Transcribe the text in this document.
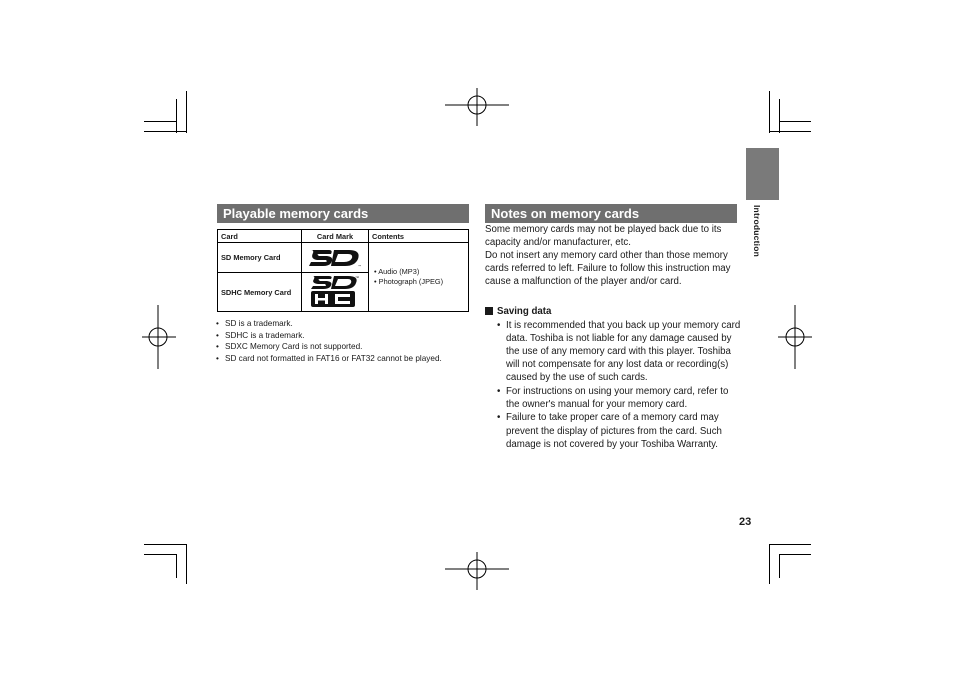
Introduction
Playable memory cards
Card	Card Mark	Contents
SD Memory Card	™	• Audio (MP3)
• Photograph (JPEG)

SDHC Memory Card	™	
• SD is a trademark.
• SDHC is a trademark.
• SDXC Memory Card is not supported.
• SD card not formatted in FAT16 or FAT32 cannot be played.
Notes on memory cards

Some memory cards may not be played back due to its capacity and/or manufacturer, etc.
Do not insert any memory card other than those memory cards referred to left. Failure to follow this instruction may cause a malfunction of the player and/or card.

Saving data
• It is recommended that you back up your memory card data. Toshiba is not liable for any damage caused by the use of any memory card with this player. Toshiba will not compensate for any lost data or recording(s) caused by the use of such cards.
• For instructions on using your memory card, refer to the owner's manual for your memory card.
• Failure to take proper care of a memory card may prevent the display of pictures from the card. Such damage is not covered by your Toshiba Warranty.
23
